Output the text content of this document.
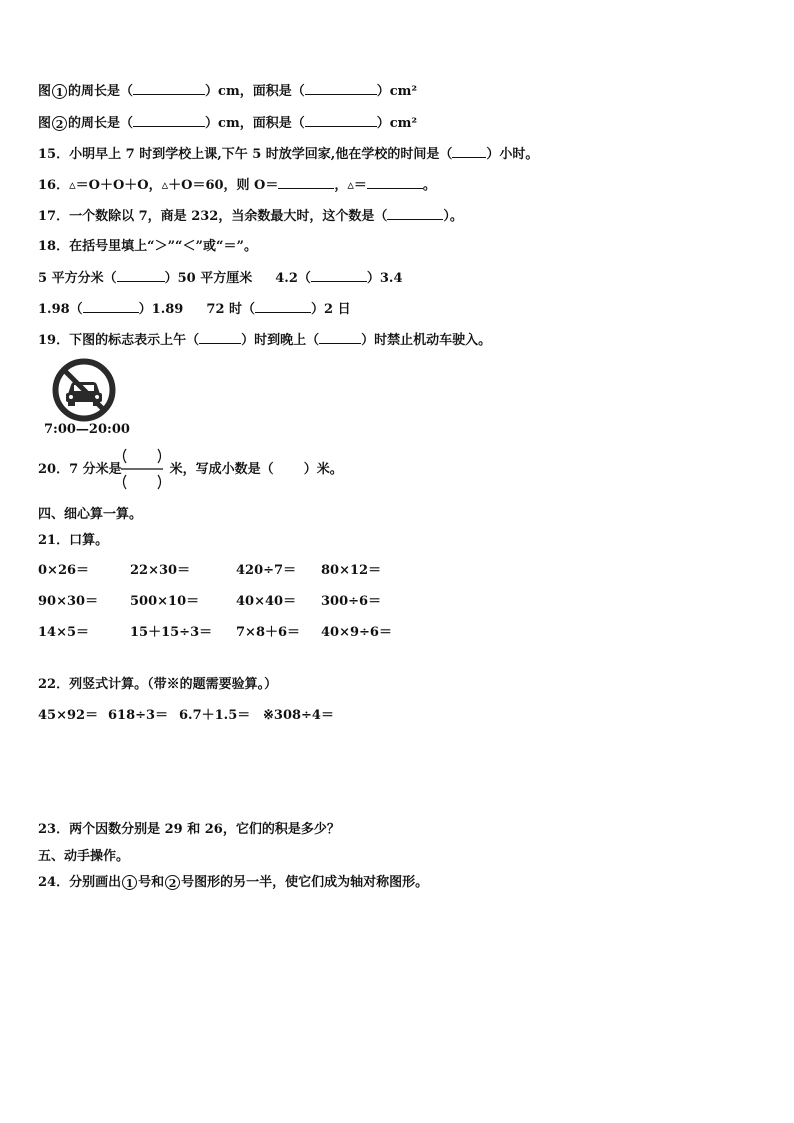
图 1 的周长是（	）cm，面积是（	）cm²
图 2 的周长是（	）cm，面积是（	）cm²
15．小明早上 7 时到学校上课,下午 5 时放学回家,他在学校的时间是（	）小时。
16．▵＝O＋O＋O，▵＋O＝60，则 O＝	，▵＝	。
17．一个数除以 7，商是 232，当余数最大时，这个数是（	）。
18．在括号里填上“＞”“＜”或“＝”。
5 平方分米（	）50 平方厘米 4.2（	）3.4
1.98（	）1.89 72 时（	）2 日
19．下图的标志表示上午（	）时到晚上（	）时禁止机动车驶入。
7:00—20:00
20．7 分米是	米，写成小数是（ ）米。
四、细心算一算。
21．口算。
0×26＝	22×30＝	420÷7＝ 80×12＝
90×30＝ 500×10＝	40×40＝ 300÷6＝
14×5＝	15＋15÷3＝ 7×8＋6＝ 40×9÷6＝
22．列竖式计算。（带※的题需要验算。）
45×92＝ 618÷3＝ 6.7＋1.5＝ ※308÷4＝
23．两个因数分别是 29 和 26，它们的积是多少？
五、动手操作。
24．分别画出 1 号和 2 号图形的另一半，使它们成为轴对称图形。
